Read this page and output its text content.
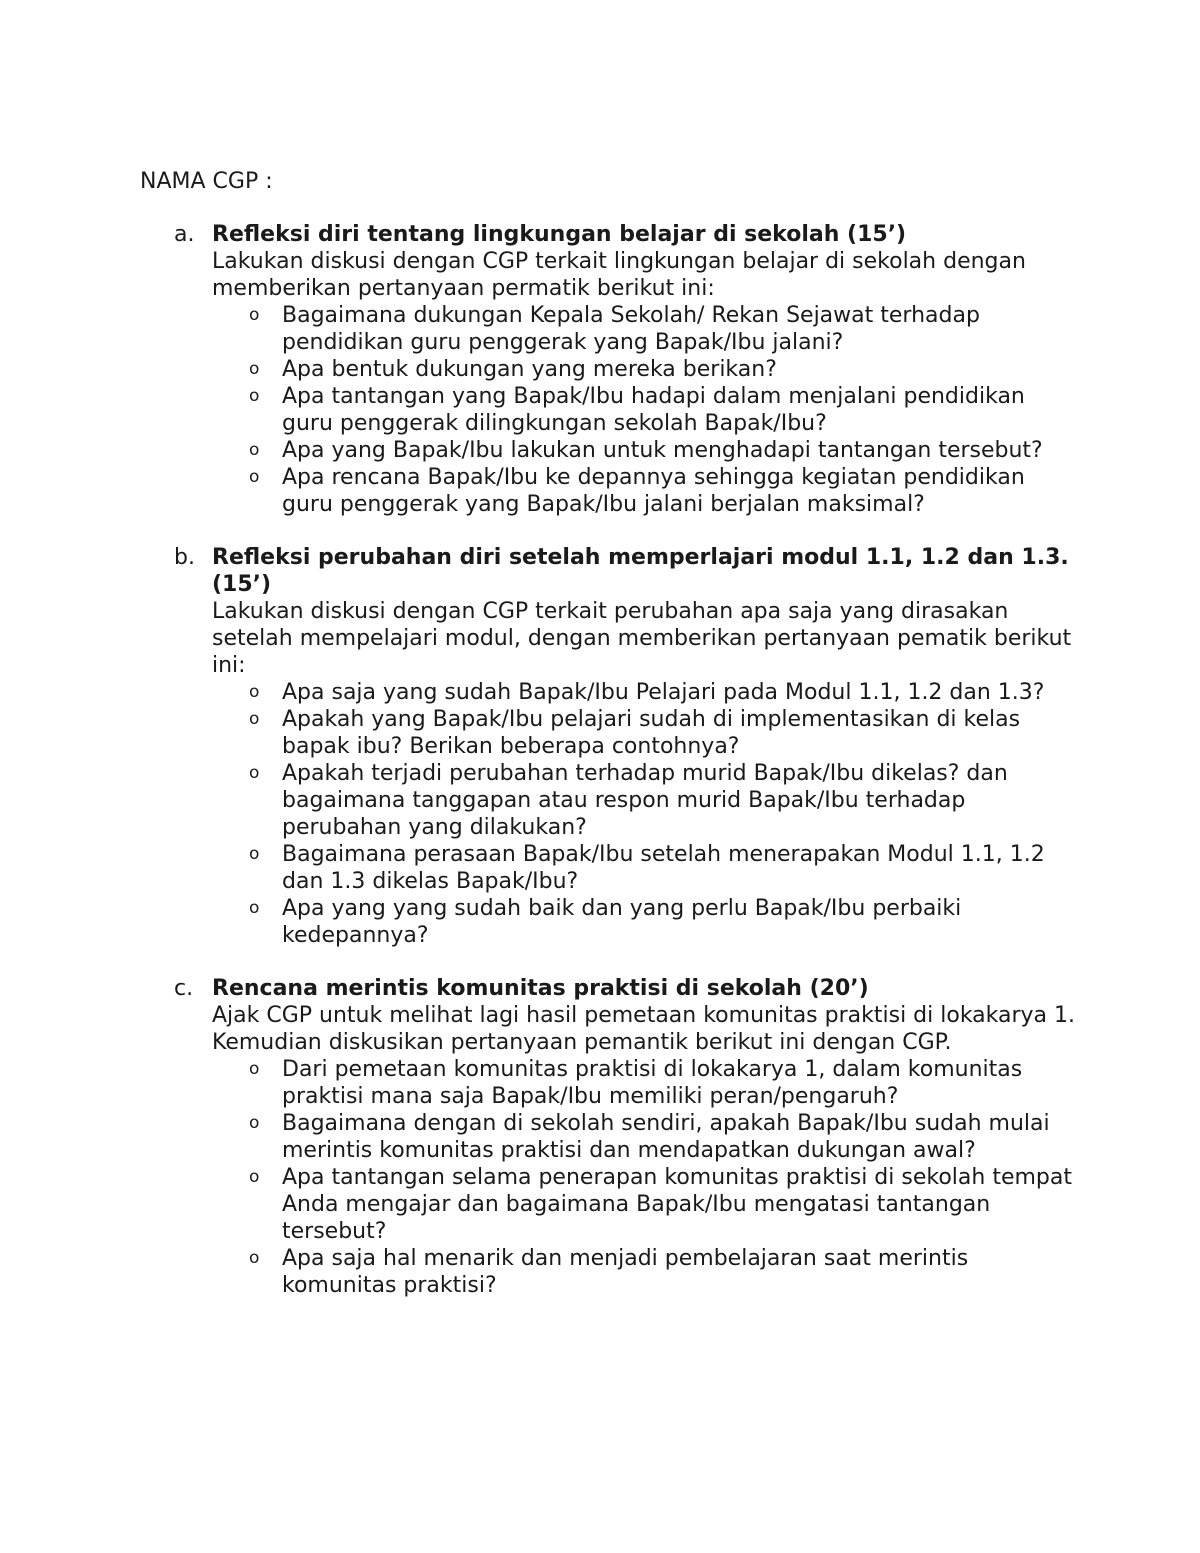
NAMA CGP :

a. Refleksi diri tentang lingkungan belajar di sekolah (15’)

Lakukan diskusi dengan CGP terkait lingkungan belajar di sekolah dengan memberikan pertanyaan permatik berikut ini:

o Bagaimana dukungan Kepala Sekolah/ Rekan Sejawat terhadap pendidikan guru penggerak yang Bapak/Ibu jalani?
o Apa bentuk dukungan yang mereka berikan?
o Apa tantangan yang Bapak/Ibu hadapi dalam menjalani pendidikan guru penggerak dilingkungan sekolah Bapak/Ibu?
o Apa yang Bapak/Ibu lakukan untuk menghadapi tantangan tersebut?
o Apa rencana Bapak/Ibu ke depannya sehingga kegiatan pendidikan guru penggerak yang Bapak/Ibu jalani berjalan maksimal?
b. Refleksi perubahan diri setelah memperlajari modul 1.1, 1.2 dan 1.3. (15’)

Lakukan diskusi dengan CGP terkait perubahan apa saja yang dirasakan setelah mempelajari modul, dengan memberikan pertanyaan pematik berikut ini:

o Apa saja yang sudah Bapak/Ibu Pelajari pada Modul 1.1, 1.2 dan 1.3?
o Apakah yang Bapak/Ibu pelajari sudah di implementasikan di kelas bapak ibu? Berikan beberapa contohnya?
o Apakah terjadi perubahan terhadap murid Bapak/Ibu dikelas? dan bagaimana tanggapan atau respon murid Bapak/Ibu terhadap perubahan yang dilakukan?
o Bagaimana perasaan Bapak/Ibu setelah menerapakan Modul 1.1, 1.2 dan 1.3 dikelas Bapak/Ibu?
o Apa yang yang sudah baik dan yang perlu Bapak/Ibu perbaiki kedepannya?
c. Rencana merintis komunitas praktisi di sekolah (20’)

Ajak CGP untuk melihat lagi hasil pemetaan komunitas praktisi di lokakarya 1. Kemudian diskusikan pertanyaan pemantik berikut ini dengan CGP.

o Dari pemetaan komunitas praktisi di lokakarya 1, dalam komunitas praktisi mana saja Bapak/Ibu memiliki peran/pengaruh?
o Bagaimana dengan di sekolah sendiri, apakah Bapak/Ibu sudah mulai merintis komunitas praktisi dan mendapatkan dukungan awal?
o Apa tantangan selama penerapan komunitas praktisi di sekolah tempat Anda mengajar dan bagaimana Bapak/Ibu mengatasi tantangan tersebut?
o Apa saja hal menarik dan menjadi pembelajaran saat merintis komunitas praktisi?
